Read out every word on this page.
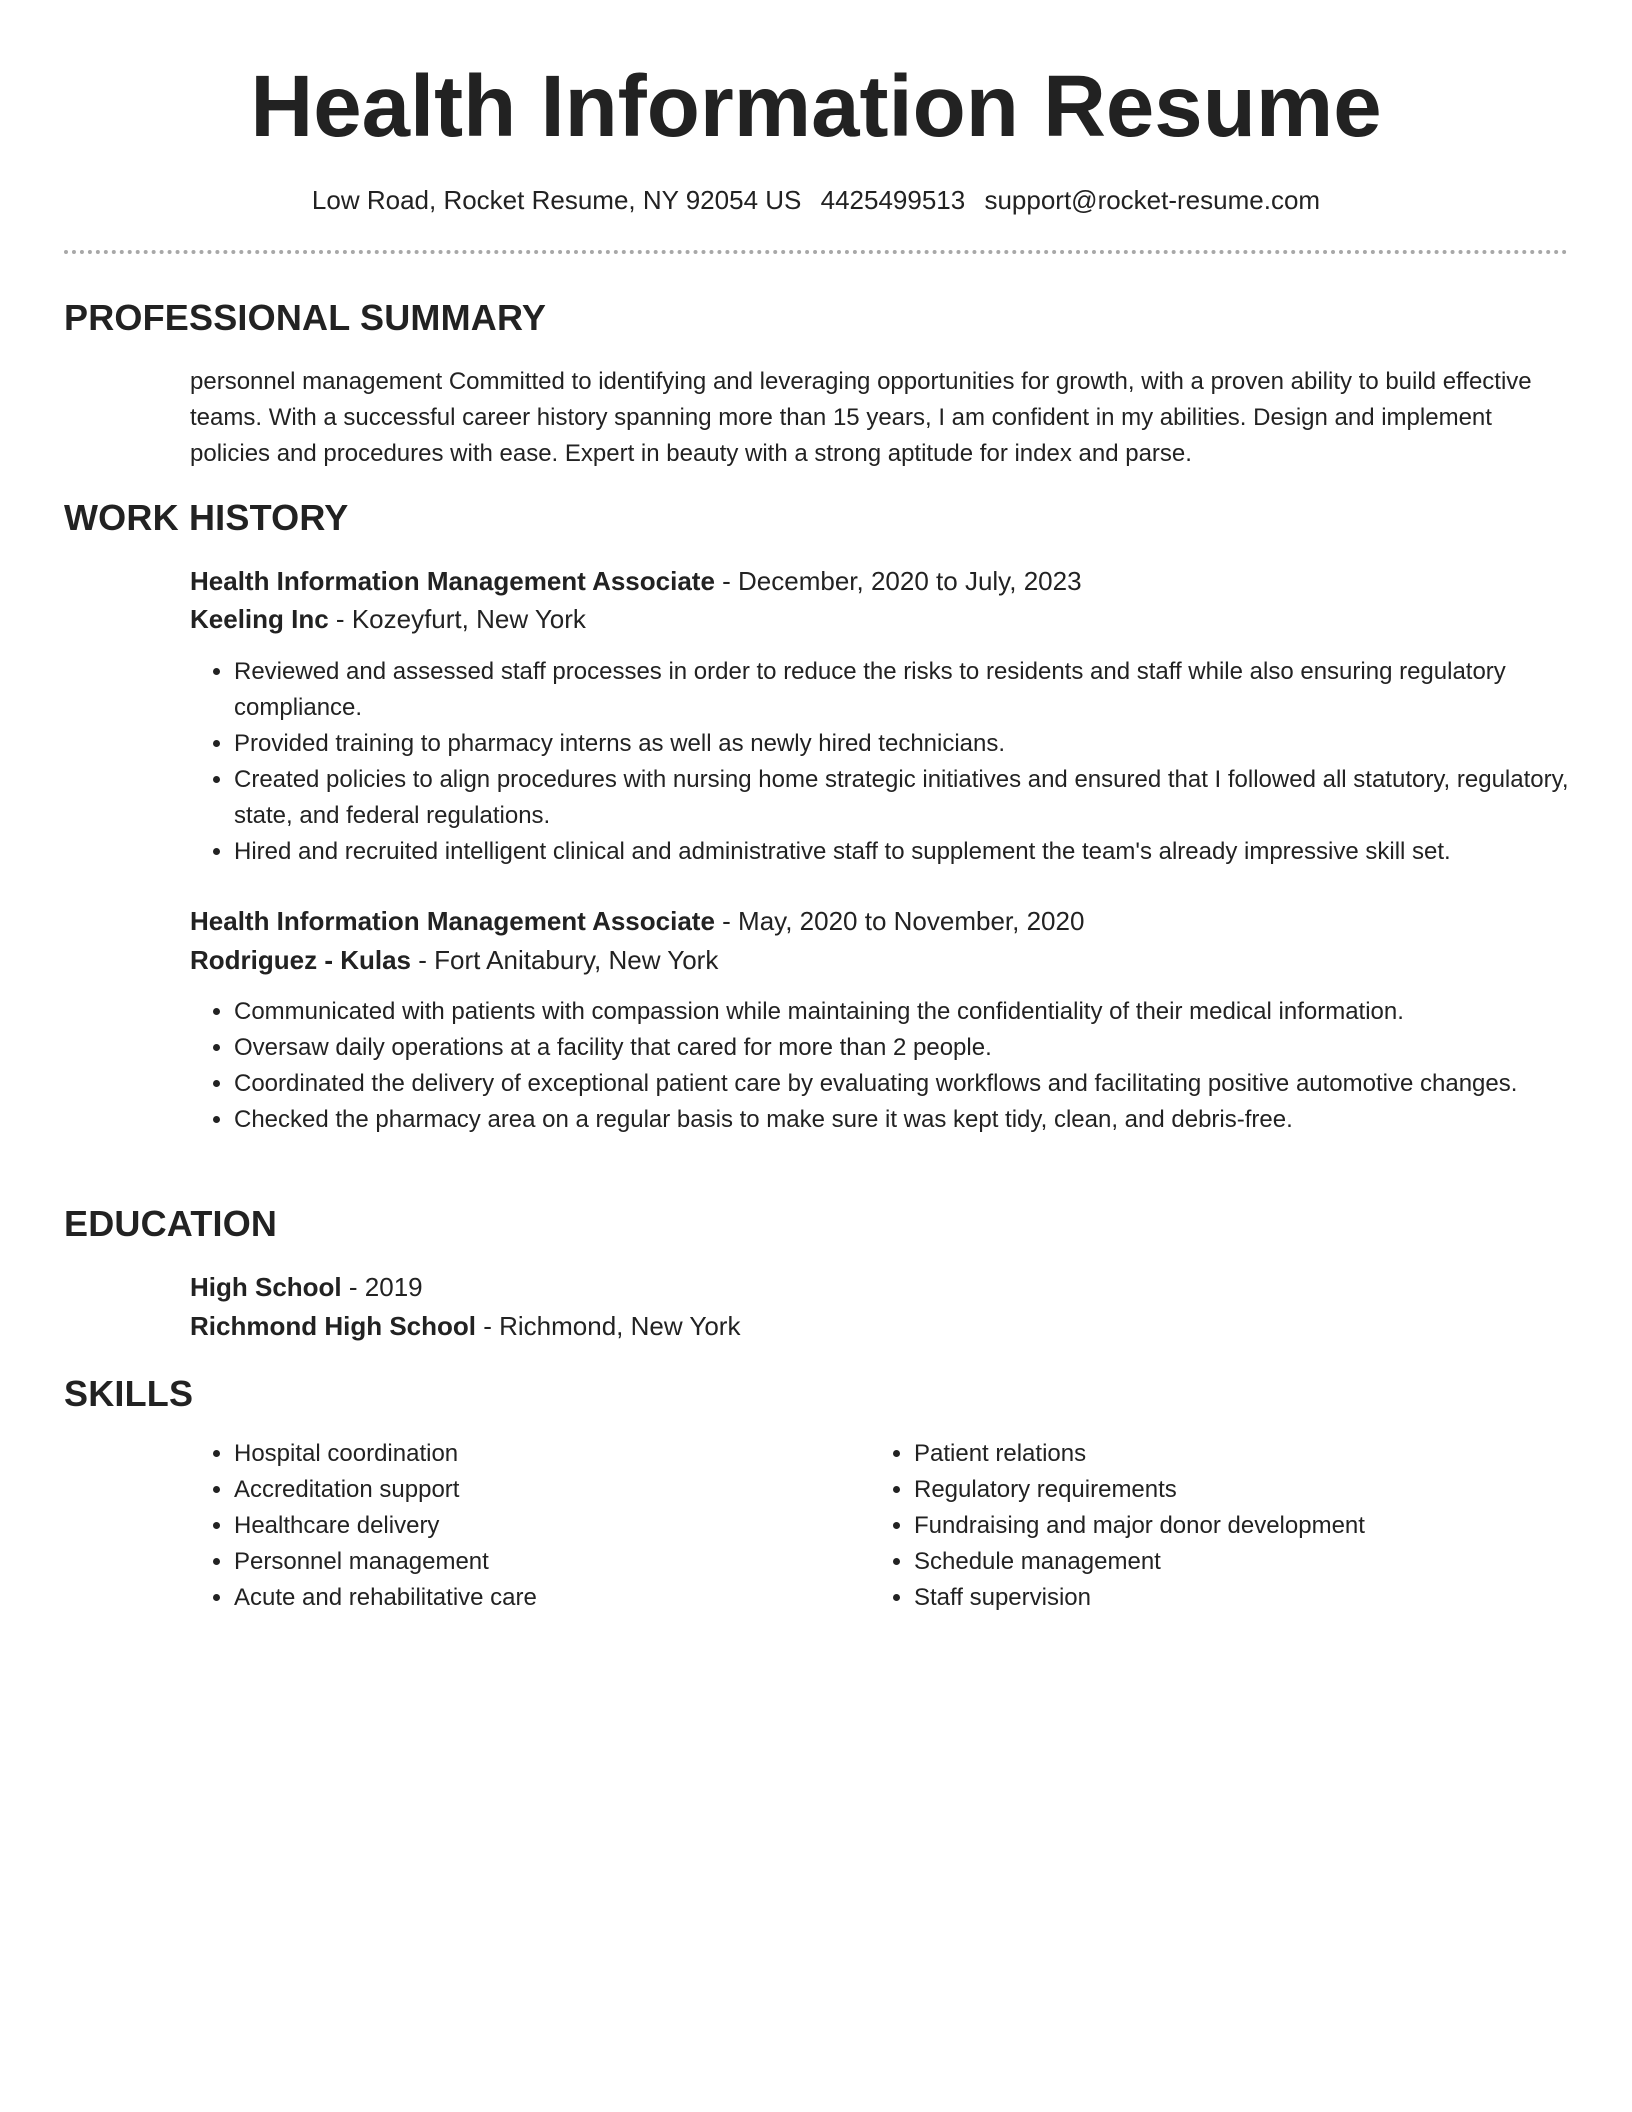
Health Information Resume
Low Road, Rocket Resume, NY 92054 US 4425499513 support@rocket-resume.com
PROFESSIONAL SUMMARY

personnel management Committed to identifying and leveraging opportunities for growth, with a proven ability to build effective teams. With a successful career history spanning more than 15 years, I am confident in my abilities. Design and implement policies and procedures with ease. Expert in beauty with a strong aptitude for index and parse.

WORK HISTORY
Health Information Management Associate - December, 2020 to July, 2023
Keeling Inc - Kozeyfurt, New York
• Reviewed and assessed staff processes in order to reduce the risks to residents and staff while also ensuring regulatory compliance.
• Provided training to pharmacy interns as well as newly hired technicians.
• Created policies to align procedures with nursing home strategic initiatives and ensured that I followed all statutory, regulatory, state, and federal regulations.
• Hired and recruited intelligent clinical and administrative staff to supplement the team's already impressive skill set.
Health Information Management Associate - May, 2020 to November, 2020
Rodriguez - Kulas - Fort Anitabury, New York
• Communicated with patients with compassion while maintaining the confidentiality of their medical information.
• Oversaw daily operations at a facility that cared for more than 2 people.
• Coordinated the delivery of exceptional patient care by evaluating workflows and facilitating positive automotive changes.
• Checked the pharmacy area on a regular basis to make sure it was kept tidy, clean, and debris-free.
EDUCATION
High School - 2019
Richmond High School - Richmond, New York
SKILLS
• Hospital coordination
• Accreditation support
• Healthcare delivery
• Personnel management
• Acute and rehabilitative care
• Patient relations
• Regulatory requirements
• Fundraising and major donor development
• Schedule management
• Staff supervision
